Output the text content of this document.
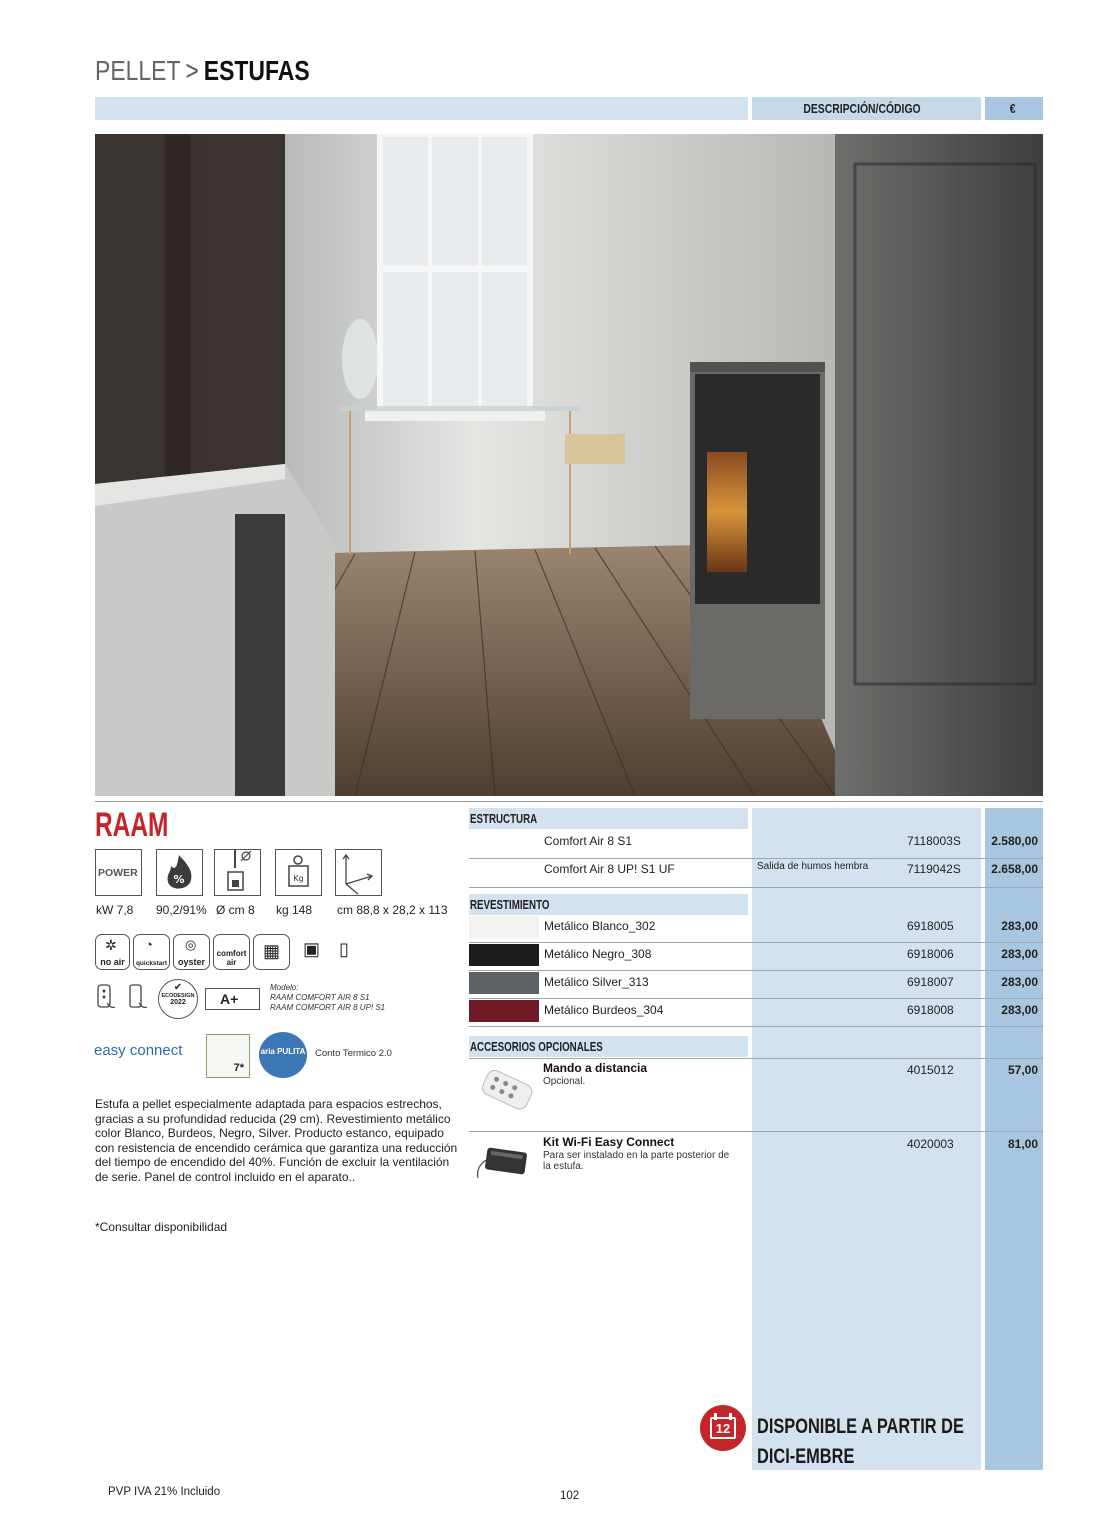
PELLET > ESTUFAS
DESCRIPCIÓN/CÓDIGO	€
RAAM
POWER	%	Kg
kW 7,8 90,2/91% Ø cm 8 kg 148 cm 88,8 x 28,2 x 113
✲
no air
◔
quickstart
◎
oyster
comfort air
▦ ▣ ▯
✔
ECODESIGN
2022	A+
Modelo:
RAAM COMFORT AIR 8 S1
RAAM COMFORT AIR 8 UP! S1
easy connect
7*
aria PULITA Conto Termico 2.0
Estufa a pellet especialmente adaptada para espacios estrechos, gracias a su profundidad reducida (29 cm). Revestimiento metálico color Blanco, Burdeos, Negro, Silver. Producto estanco, equipado con resistencia de encendido cerámica que garantiza una reducción del tiempo de encendido del 40%. Función de excluir la ventilación de serie. Panel de control incluido en el aparato..
*Consultar disponibilidad
ESTRUCTURA
Comfort Air 8 S1	7118003S	2.580,00
Comfort Air 8 UP! S1 UF	Salida de humos hembra	7119042S	2.658,00
REVESTIMIENTO
Metálico Blanco_302	6918005	283,00
Metálico Negro_308	6918006	283,00
Metálico Silver_313	6918007	283,00
Metálico Burdeos_304	6918008	283,00
ACCESORIOS OPCIONALES
Mando a distancia
Opcional.
4015012	57,00
Kit Wi-Fi Easy Connect
Para ser instalado en la parte posterior de la estufa.
4020003	81,00
12 DISPONIBLE A PARTIR DE DICI-EMBRE
PVP IVA 21% Incluido	102
